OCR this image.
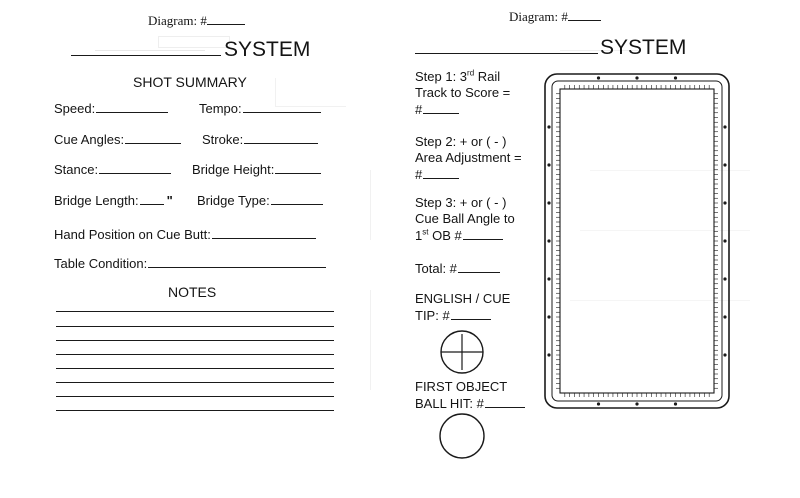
Diagram: #
SYSTEM
SHOT SUMMARY
Speed:	Tempo:
Cue Angles:	Stroke:
Stance:	Bridge Height:
Bridge Length: " Bridge Type:
Hand Position on Cue Butt:
Table Condition:
NOTES
Diagram: #
SYSTEM
Step 1: 3rd Rail
Track to Score =
#
Step 2: + or ( - )
Area Adjustment =
#
Step 3: + or ( - )
Cue Ball Angle to
1st OB #
Total: #
ENGLISH / CUE
TIP: #
FIRST OBJECT
BALL HIT: #
